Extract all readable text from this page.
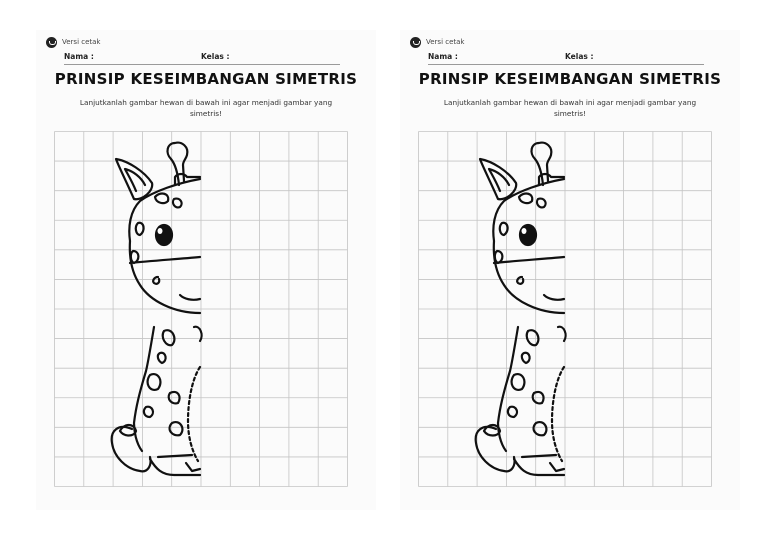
Versi cetak
Nama :	Kelas :
PRINSIP KESEIMBANGAN SIMETRIS
Lanjutkanlah gambar hewan di bawah ini agar menjadi gambar yang simetris!
Versi cetak
Nama :	Kelas :
PRINSIP KESEIMBANGAN SIMETRIS
Lanjutkanlah gambar hewan di bawah ini agar menjadi gambar yang simetris!
